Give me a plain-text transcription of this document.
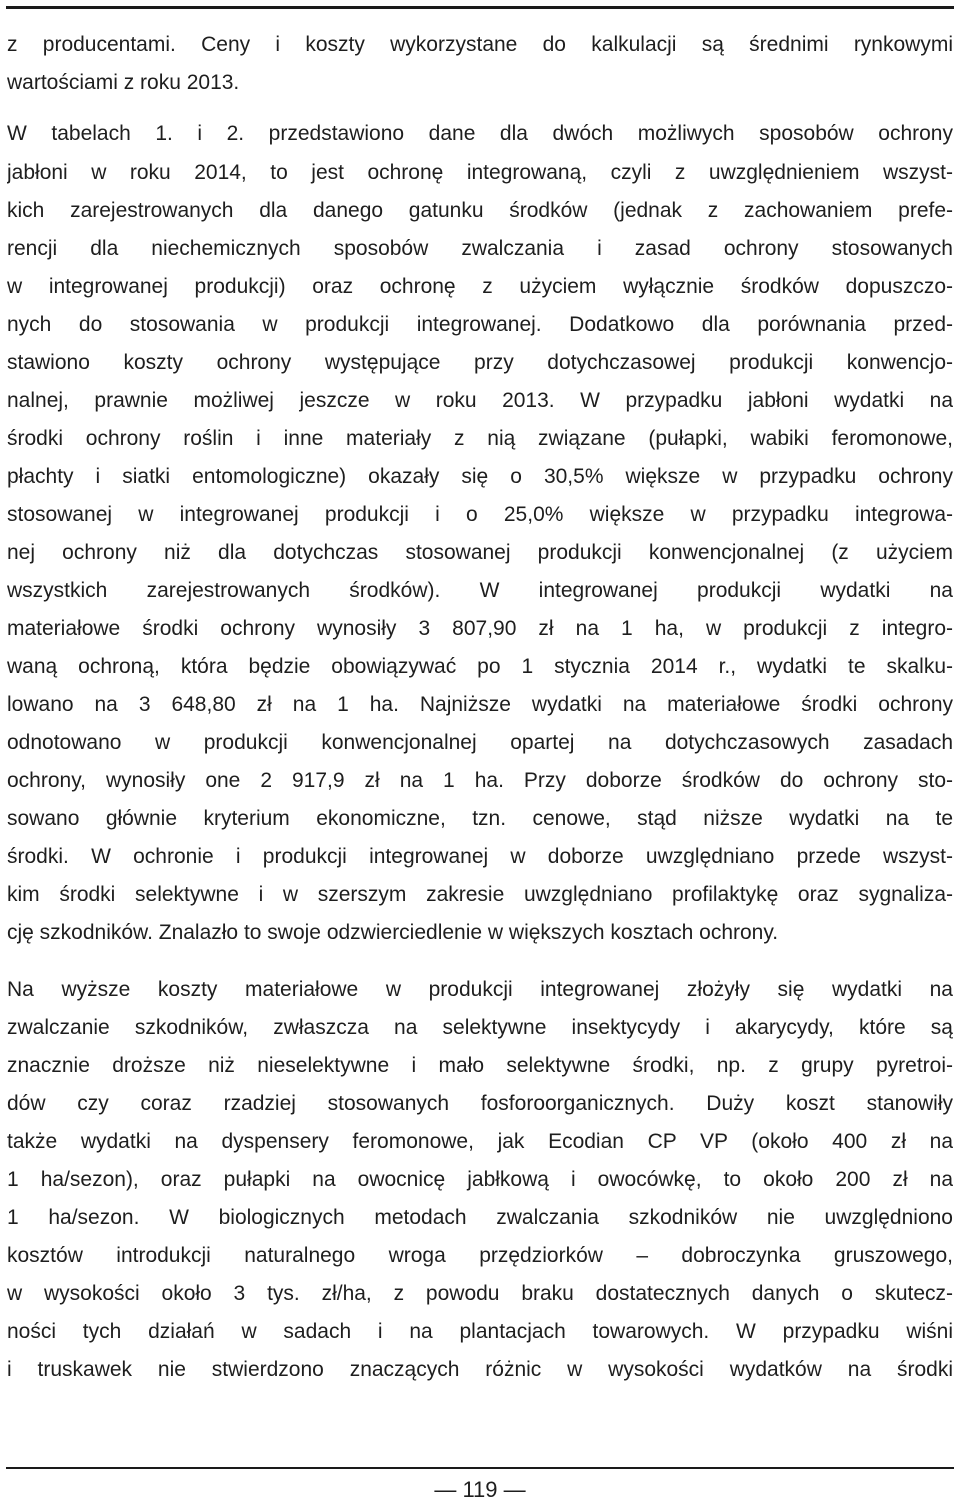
z producentami. Ceny i koszty wykorzystane do kalkulacji są średnimi rynkowymi
wartościami z roku 2013.
W tabelach 1. i 2. przedstawiono dane dla dwóch możliwych sposobów ochrony
jabłoni w roku 2014, to jest ochronę integrowaną, czyli z uwzględnieniem wszyst-
kich zarejestrowanych dla danego gatunku środków (jednak z zachowaniem prefe-
rencji dla niechemicznych sposobów zwalczania i zasad ochrony stosowanych
w integrowanej produkcji) oraz ochronę z użyciem wyłącznie środków dopuszczo-
nych do stosowania w produkcji integrowanej. Dodatkowo dla porównania przed-
stawiono koszty ochrony występujące przy dotychczasowej produkcji konwencjo-
nalnej, prawnie możliwej jeszcze w roku 2013. W przypadku jabłoni wydatki na
środki ochrony roślin i inne materiały z nią związane (pułapki, wabiki feromonowe,
płachty i siatki entomologiczne) okazały się o 30,5% większe w przypadku ochrony
stosowanej w integrowanej produkcji i o 25,0% większe w przypadku integrowa-
nej ochrony niż dla dotychczas stosowanej produkcji konwencjonalnej (z użyciem
wszystkich zarejestrowanych środków). W integrowanej produkcji wydatki na
materiałowe środki ochrony wynosiły 3 807,90 zł na 1 ha, w produkcji z integro-
waną ochroną, która będzie obowiązywać po 1 stycznia 2014 r., wydatki te skalku-
lowano na 3 648,80 zł na 1 ha. Najniższe wydatki na materiałowe środki ochrony
odnotowano w produkcji konwencjonalnej opartej na dotychczasowych zasadach
ochrony, wynosiły one 2 917,9 zł na 1 ha. Przy doborze środków do ochrony sto-
sowano głównie kryterium ekonomiczne, tzn. cenowe, stąd niższe wydatki na te
środki. W ochronie i produkcji integrowanej w doborze uwzględniano przede wszyst-
kim środki selektywne i w szerszym zakresie uwzględniano profilaktykę oraz sygnaliza-
cję szkodników. Znalazło to swoje odzwierciedlenie w większych kosztach ochrony.
Na wyższe koszty materiałowe w produkcji integrowanej złożyły się wydatki na
zwalczanie szkodników, zwłaszcza na selektywne insektycydy i akarycydy, które są
znacznie droższe niż nieselektywne i mało selektywne środki, np. z grupy pyretroi-
dów czy coraz rzadziej stosowanych fosforoorganicznych. Duży koszt stanowiły
także wydatki na dyspensery feromonowe, jak Ecodian CP VP (około 400 zł na
1 ha/sezon), oraz pułapki na owocnicę jabłkową i owocówkę, to około 200 zł na
1 ha/sezon. W biologicznych metodach zwalczania szkodników nie uwzględniono
kosztów introdukcji naturalnego wroga przędziorków – dobroczynka gruszowego,
w wysokości około 3 tys. zł/ha, z powodu braku dostatecznych danych o skutecz-
ności tych działań w sadach i na plantacjach towarowych. W przypadku wiśni
i truskawek nie stwierdzono znaczących różnic w wysokości wydatków na środki
— 119 —
